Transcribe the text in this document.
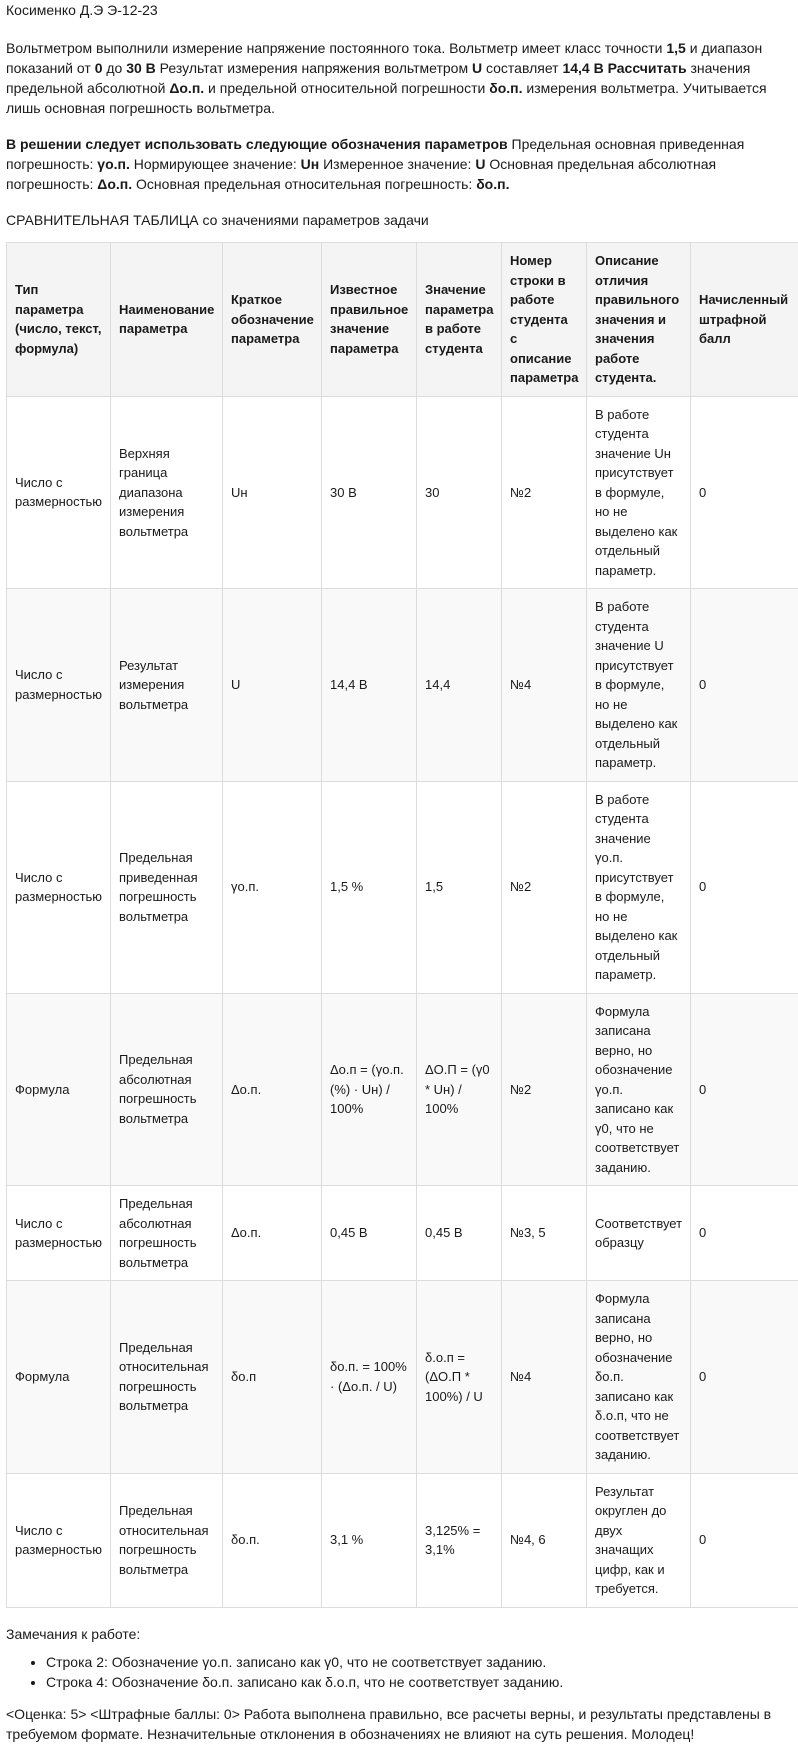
Косименко Д.Э Э-12-23

Вольтметром выполнили измерение напряжение постоянного тока. Вольтметр имеет класс точности 1,5 и диапазон показаний от 0 до 30 В Результат измерения напряжения вольтметром U составляет 14,4 В Рассчитать значения предельной абсолютной Δо.п. и предельной относительной погрешности δо.п. измерения вольтметра. Учитывается лишь основная погрешность вольтметра.

В решении следует использовать следующие обозначения параметров Предельная основная приведенная погрешность: γо.п. Нормирующее значение: Uн Измеренное значение: U Основная предельная абсолютная погрешность: Δо.п. Основная предельная относительная погрешность: δо.п.

СРАВНИТЕЛЬНАЯ ТАБЛИЦА со значениями параметров задачи

Тип параметра (число, текст, формула)	Наименование параметра	Краткое обозначение параметра	Известное правильное значение параметра	Значение параметра в работе студента	Номер строки в работе студента с описание параметра	Описание отличия правильного значения и значения работе студента.	Начисленный штрафной балл
Число с размерностью	Верхняя граница диапазона измерения вольтметра	Uн	30 В	30	№2	В работе студента значение Uн присутствует в формуле, но не выделено как отдельный параметр.	0
Число с размерностью	Результат измерения вольтметра	U	14,4 В	14,4	№4	В работе студента значение U присутствует в формуле, но не выделено как отдельный параметр.	0
Число с размерностью	Предельная приведенная погрешность вольтметра	γо.п.	1,5 %	1,5	№2	В работе студента значение γо.п. присутствует в формуле, но не выделено как отдельный параметр.	0
Формула	Предельная абсолютная погрешность вольтметра	Δо.п.	Δо.п = (γо.п. (%) · Uн) / 100%	ΔО.П = (γ0 * Uн) / 100%	№2	Формула записана верно, но обозначение γо.п. записано как γ0, что не соответствует заданию.	0
Число с размерностью	Предельная абсолютная погрешность вольтметра	Δо.п.	0,45 В	0,45 В	№3, 5	Соответствует образцу	0
Формула	Предельная относительная погрешность вольтметра	δо.п	δо.п. = 100% · (Δо.п. / U)	δ.о.п = (ΔО.П * 100%) / U	№4	Формула записана верно, но обозначение δо.п. записано как δ.о.п, что не соответствует заданию.	0
Число с размерностью	Предельная относительная погрешность вольтметра	δо.п.	3,1 %	3,125% = 3,1%	№4, 6	Результат округлен до двух значащих цифр, как и требуется.	0

Замечания к работе:

• Строка 2: Обозначение γо.п. записано как γ0, что не соответствует заданию.
• Строка 4: Обозначение δо.п. записано как δ.о.п, что не соответствует заданию.

<Оценка: 5> <Штрафные баллы: 0> Работа выполнена правильно, все расчеты верны, и результаты представлены в требуемом формате. Незначительные отклонения в обозначениях не влияют на суть решения. Молодец!
